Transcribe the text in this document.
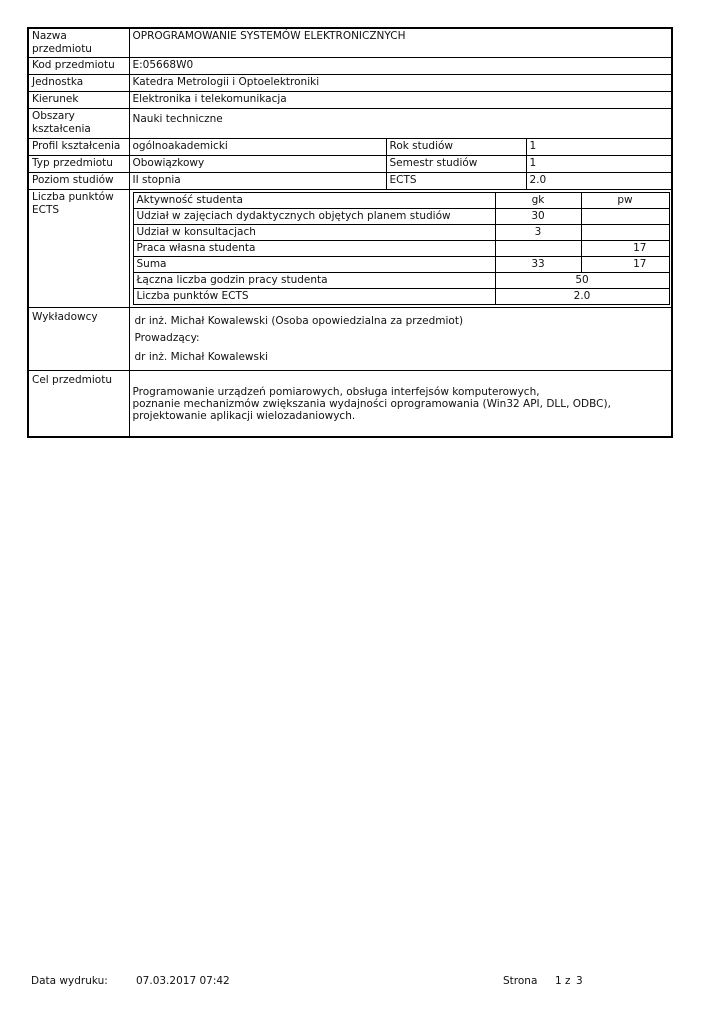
Nazwa przedmiotu	OPROGRAMOWANIE SYSTEMÓW ELEKTRONICZNYCH
Kod przedmiotu	E:05668W0
Jednostka	Katedra Metrologii i Optoelektroniki
Kierunek	Elektronika i telekomunikacja
Obszary kształcenia	Nauki techniczne
Profil kształcenia	ogólnoakademicki	Rok studiów	1
Typ przedmiotu	Obowiązkowy	Semestr studiów	1
Poziom studiów	II stopnia	ECTS	2.0
Liczba punktów ECTS	
Aktywność studenta	gk	pw
Udział w zajęciach dydaktycznych objętych planem studiów	30	
Udział w konsultacjach	3	
Praca własna studenta		17
Suma	33	17
Łączna liczba godzin pracy studenta	50
Liczba punktów ECTS	2.0

Wykładowcy	dr inż. Michał Kowalewski (Osoba opowiedzialna za przedmiot)
Prowadzący:
dr inż. Michał Kowalewski

Cel przedmiotu	
Programowanie urządzeń pomiarowych, obsługa interfejsów komputerowych,
poznanie mechanizmów zwiększania wydajności oprogramowania (Win32 API, DLL, ODBC),
projektowanie aplikacji wielozadaniowych.
Data wydruku:	07.03.2017 07:42	Strona 1 z 3
